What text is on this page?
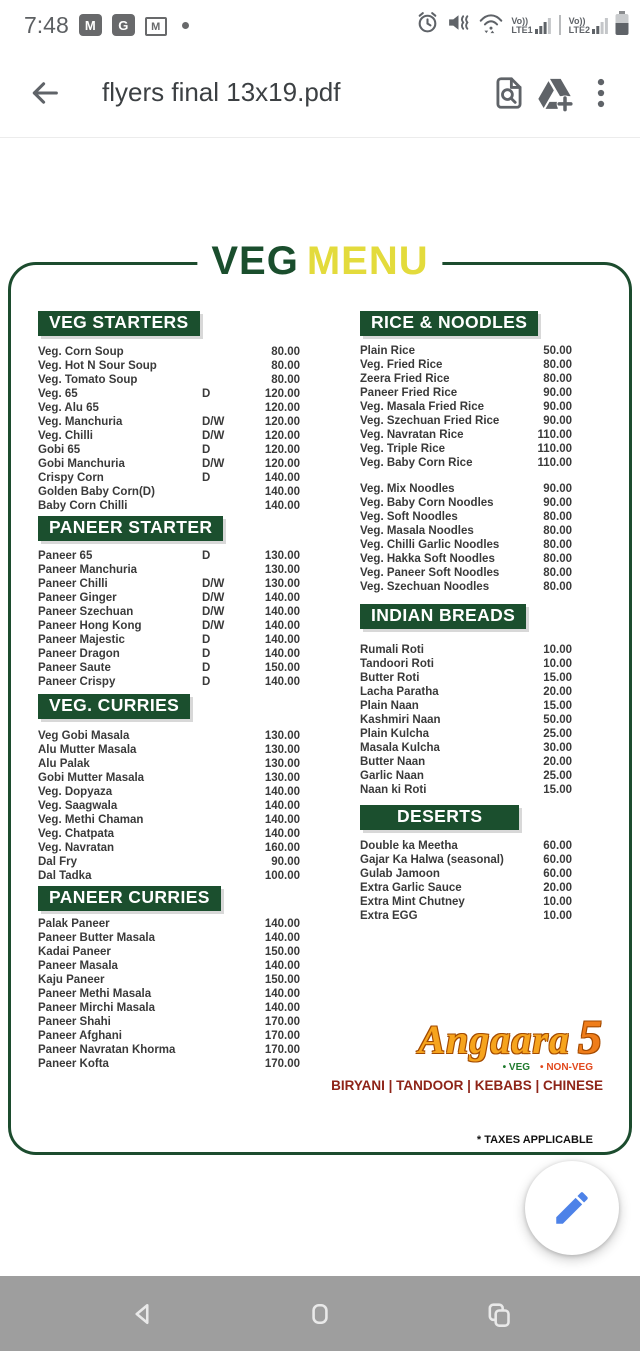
7:48	M	G	M	Vo))
LTE1
Vo))
LTE2
flyers final 13x19.pdf
VEG MENU
VEG STARTERS

Veg. Corn Soup	80.00
Veg. Hot N Sour Soup	80.00
Veg. Tomato Soup	80.00
Veg. 65	D	120.00
Veg. Alu 65	120.00
Veg. Manchuria	D/W	120.00
Veg. Chilli	D/W	120.00
Gobi 65	D	120.00
Gobi Manchuria	D/W	120.00
Crispy Corn	D	140.00
Golden Baby Corn(D)	140.00
Baby Corn Chilli	140.00
PANEER STARTER

Paneer 65	D	130.00
Paneer Manchuria	130.00
Paneer Chilli	D/W	130.00
Paneer Ginger	D/W	140.00
Paneer Szechuan	D/W	140.00
Paneer Hong Kong	D/W	140.00
Paneer Majestic	D	140.00
Paneer Dragon	D	140.00
Paneer Saute	D	150.00
Paneer Crispy	D	140.00
VEG. CURRIES

Veg Gobi Masala	130.00
Alu Mutter Masala	130.00
Alu Palak	130.00
Gobi Mutter Masala	130.00
Veg. Dopyaza	140.00
Veg. Saagwala	140.00
Veg. Methi Chaman	140.00
Veg. Chatpata	140.00
Veg. Navratan	160.00
Dal Fry	90.00
Dal Tadka	100.00
PANEER CURRIES

Palak Paneer	140.00
Paneer Butter Masala	140.00
Kadai Paneer	150.00
Paneer Masala	140.00
Kaju Paneer	150.00
Paneer Methi Masala	140.00
Paneer Mirchi Masala	140.00
Paneer Shahi	170.00
Paneer Afghani	170.00
Paneer Navratan Khorma	170.00
Paneer Kofta	170.00
RICE & NOODLES

Plain Rice	50.00
Veg. Fried Rice	80.00
Zeera Fried Rice	80.00
Paneer Fried Rice	90.00
Veg. Masala Fried Rice	90.00
Veg. Szechuan Fried Rice	90.00
Veg. Navratan Rice	110.00
Veg. Triple Rice	110.00
Veg. Baby Corn Rice	110.00
Veg. Mix Noodles	90.00
Veg. Baby Corn Noodles	90.00
Veg. Soft Noodles	80.00
Veg. Masala Noodles	80.00
Veg. Chilli Garlic Noodles	80.00
Veg. Hakka Soft Noodles	80.00
Veg. Paneer Soft Noodles	80.00
Veg. Szechuan Noodles	80.00
INDIAN BREADS

Rumali Roti	10.00
Tandoori Roti	10.00
Butter Roti	15.00
Lacha Paratha	20.00
Plain Naan	15.00
Kashmiri Naan	50.00
Plain Kulcha	25.00
Masala Kulcha	30.00
Butter Naan	20.00
Garlic Naan	25.00
Naan ki Roti	15.00
DESERTS

Double ka Meetha	60.00
Gajar Ka Halwa (seasonal)	60.00
Gulab Jamoon	60.00
Extra Garlic Sauce	20.00
Extra Mint Chutney	10.00
Extra EGG	10.00
Angaara 5
• VEG • NON-VEG
BIRYANI | TANDOOR | KEBABS | CHINESE
* TAXES APPLICABLE
